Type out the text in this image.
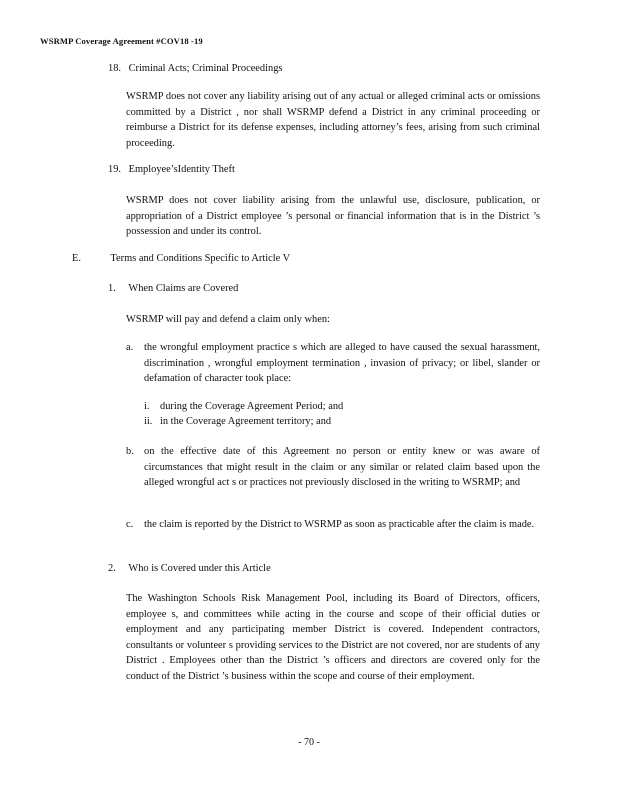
WSRMP Coverage Agreement #COV18 -19
18. Criminal Acts; Criminal Proceedings
WSRMP does not cover any liability arising out of any actual or alleged criminal acts or omissions committed by a District , nor shall WSRMP defend a District in any criminal proceeding or reimburse a District for its defense expenses, including attorney’s fees, arising from such criminal proceeding.
19. Employee’sIdentity Theft
WSRMP does not cover liability arising from the unlawful use, disclosure, publication, or appropriation of a District employee ’s personal or financial information that is in the District ’s possession and under its control.
E.	Terms and Conditions Specific to Article V
1. When Claims are Covered
WSRMP will pay and defend a claim only when:
a.	the wrongful employment practice s which are alleged to have caused the sexual harassment, discrimination , wrongful employment termination , invasion of privacy; or libel, slander or defamation of character took place:
i. during the Coverage Agreement Period; and
ii. in the Coverage Agreement territory; and
b. on the effective date of this Agreement no person or entity knew or was aware of circumstances that might result in the claim or any similar or related claim based upon the alleged wrongful act s or practices not previously disclosed in the writing to WSRMP; and
c.	the claim is reported by the District to WSRMP as soon as practicable after the claim is made.
2. Who is Covered under this Article
The Washington Schools Risk Management Pool, including its Board of Directors, officers, employee s, and committees while acting in the course and scope of their official duties or employment and any participating member District is covered. Independent contractors, consultants or volunteer s providing services to the District are not covered, nor are students of any District . Employees other than the District ’s officers and directors are covered only for the conduct of the District ’s business within the scope and course of their employment.
- 70 -
